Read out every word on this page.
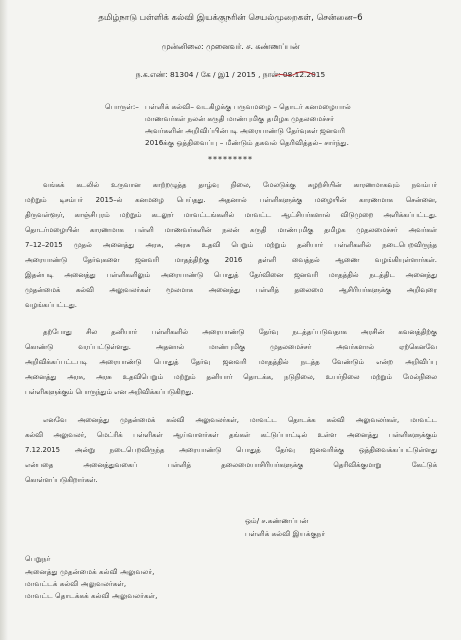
தமிழ்நாடு பள்ளிக் கல்வி இயக்குநரின் செயல்முறைகள், சென்னை–6
முன்னிலை: முனைவர். ச. கண்ணப்பன்
ந.க.எண்: 81304 / கே / இ1 / 2015 , நாள்: 08.12.2015
பொருள்:– பள்ளிக் கல்வி– வடகிழக்கு பருவமழை – தொடர் கனமழையால்
மாணவர்கள் நலன் கருதி மாண்புமிகு தமிழக முதலமைச்சர்
அவர்களின் அறிவிப்பின்படி அரையாண்டு தேர்வுகள் ஜனவரி
2016க்கு ஒத்திவைப்பு – மீண்டும் தகவல் தெரிவித்தல்– சார்ந்து.
*********
வங்கக் கடலில் உருவான காற்றழுத்த தாழ்வு நிலை, மேலடுக்கு சுழற்சியின் காரணமாகவும் நவம்பர்
மற்றும் டிசம்பர் 2015–ல் கனமழை பெய்தது. அதனால் பள்ளிகளுக்கு மழையின் காரணமாக சென்னை,
திருவள்ளூர், காஞ்சிபுரம் மற்றும் கடலூர் மாவட்டங்களில் மாவட்ட ஆட்சியர்களால் விடுமுறை அளிக்கப்பட்டது.
தொடர்மழையின் காரணமாக பள்ளி மாணவர்களின் நலன் கருதி மாண்புமிகு தமிழக முதலமைச்சர் அவர்கள்
7–12–2015 முதல் அனைத்து அரசு, அரசு உதவி பெறும் மற்றும் தனியார் பள்ளிகளில் நடைபெறவிருந்த
அரையாண்டு தேர்வுகளை ஜனவரி மாதத்திற்கு 2016 தள்ளி வைத்தல் ஆணை வழங்கியுள்ளார்கள்.
இதன்படி அனைத்து பள்ளிகளிலும் அரையாண்டு பொதுத் தேர்வினை ஜனவரி மாதத்தில் நடத்திட அனைத்து
முதன்மைக் கல்வி அலுவலர்கள் மூலமாக அனைத்து பள்ளித் தலைமை ஆசிரியர்களுக்கு அறிவுரை
வழங்கப்பட்டது.
தற்போது சில தனியார் பள்ளிகளில் அரையாண்டு தேர்வு நடத்தப்படுவதாக அரசின் கவனத்திற்கு
கொண்டு வரப்பட்டுள்ளது. அதனால் மாண்புமிகு முதலமைச்சர் அவர்களால் ஏற்கெனவே
அறிவிக்கப்பட்டபடி அரையாண்டு பொதுத் தேர்வு ஜனவரி மாதத்தில் நடத்த வேண்டும் என்ற அறிவிப்பு
அனைத்து அரசு, அரசு உதவிபெறும் மற்றும் தனியார் தொடக்க, நடுநிலை, உயர்நிலை மற்றும் மேல்நிலை
பள்ளிகளுக்கும் பொருந்தும் என அறிவிக்கப்படுகிறது.
எனவே அனைத்து முதன்மைக் கல்வி அலுவலர்கள், மாவட்ட தொடக்க கல்வி அலுவலர்கள், மாவட்ட
கல்வி அலுவலர், மெட்ரிக் பள்ளிகள் ஆய்வாளர்கள் தங்கள் கட்டுப்பாட்டில் உள்ள அனைத்து பள்ளிகளுக்கும்
7.12.2015 அன்று நடைபெறவிருந்த அரையாண்டு பொதுத் தேர்வு ஜனவரிக்கு ஒத்திவைக்கப்பட்டுள்ளது
என்பதை அனைத்துவகைப் பள்ளித் தலைமையாசிரியர்களுக்கு தெரிவிக்குமாறு கேட்டுக்
கொள்ளப்படுகிறார்கள்.
ஒம்/ ச.கண்ணப்பன்
பள்ளிக் கல்வி இயக்குநர்
பெறுநர்
அனைத்து முதன்மைக் கல்வி அலுவலர்,
மாவட்டக் கல்வி அலுவலர்கள்,
மாவட்ட தொடக்கக் கல்வி அலுவலர்கள்,
